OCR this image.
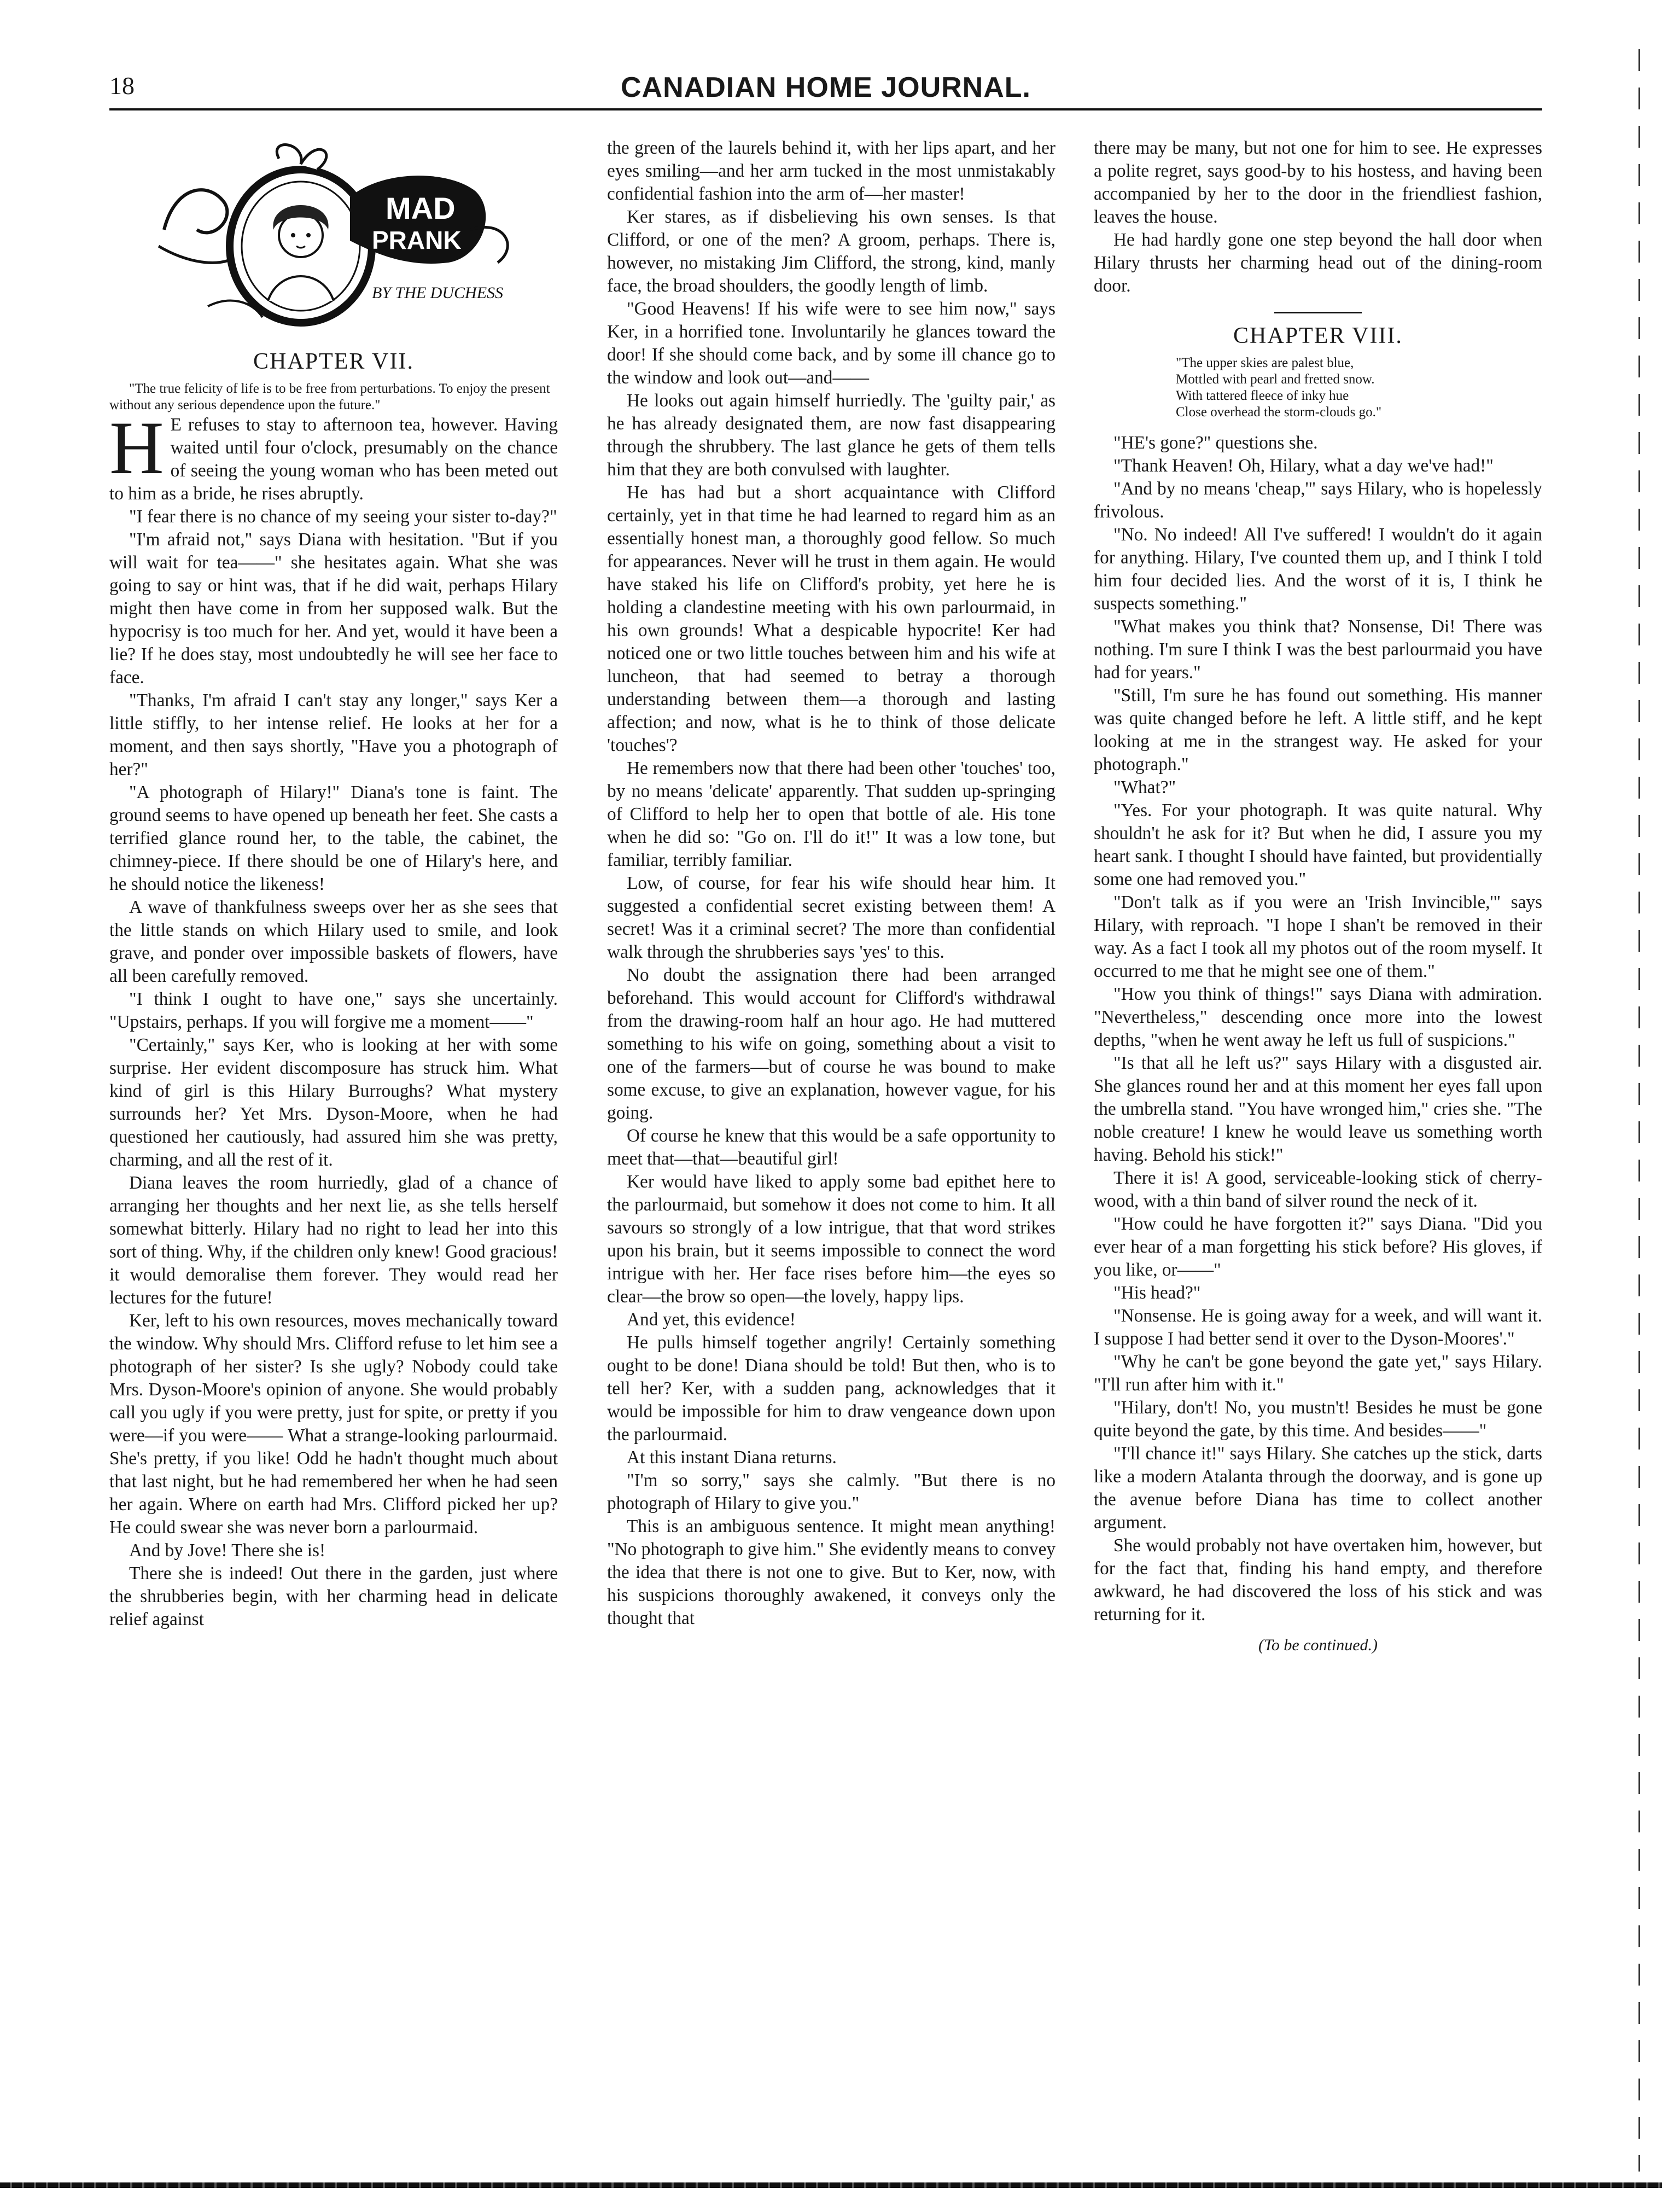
18	CANADIAN HOME JOURNAL.
MAD
PRANK
BY THE DUCHESS
CHAPTER VII.

"The true felicity of life is to be free from perturbations. To enjoy the present without any serious dependence upon the future."

H E refuses to stay to afternoon tea, however. Having waited until four o'clock, presumably on the chance of seeing the young woman who has been meted out to him as a bride, he rises abruptly.

"I fear there is no chance of my seeing your sister to-day?"

"I'm afraid not," says Diana with hesitation. "But if you will wait for tea——" she hesitates again. What she was going to say or hint was, that if he did wait, perhaps Hilary might then have come in from her supposed walk. But the hypocrisy is too much for her. And yet, would it have been a lie? If he does stay, most undoubtedly he will see her face to face.

"Thanks, I'm afraid I can't stay any longer," says Ker a little stiffly, to her intense relief. He looks at her for a moment, and then says shortly, "Have you a photograph of her?"

"A photograph of Hilary!" Diana's tone is faint. The ground seems to have opened up beneath her feet. She casts a terrified glance round her, to the table, the cabinet, the chimney-piece. If there should be one of Hilary's here, and he should notice the likeness!

A wave of thankfulness sweeps over her as she sees that the little stands on which Hilary used to smile, and look grave, and ponder over impossible baskets of flowers, have all been carefully removed.

"I think I ought to have one," says she uncertainly. "Upstairs, perhaps. If you will forgive me a moment——"

"Certainly," says Ker, who is looking at her with some surprise. Her evident discomposure has struck him. What kind of girl is this Hilary Burroughs? What mystery surrounds her? Yet Mrs. Dyson-Moore, when he had questioned her cautiously, had assured him she was pretty, charming, and all the rest of it.

Diana leaves the room hurriedly, glad of a chance of arranging her thoughts and her next lie, as she tells herself somewhat bitterly. Hilary had no right to lead her into this sort of thing. Why, if the children only knew! Good gracious! it would demoralise them forever. They would read her lectures for the future!

Ker, left to his own resources, moves mechanically toward the window. Why should Mrs. Clifford refuse to let him see a photograph of her sister? Is she ugly? Nobody could take Mrs. Dyson-Moore's opinion of anyone. She would probably call you ugly if you were pretty, just for spite, or pretty if you were—if you were—— What a strange-looking parlourmaid. She's pretty, if you like! Odd he hadn't thought much about that last night, but he had remembered her when he had seen her again. Where on earth had Mrs. Clifford picked her up? He could swear she was never born a parlourmaid.

And by Jove! There she is!

There she is indeed! Out there in the garden, just where the shrubberies begin, with her charming head in delicate relief against

the green of the laurels behind it, with her lips apart, and her eyes smiling—and her arm tucked in the most unmistakably confidential fashion into the arm of—her master!

Ker stares, as if disbelieving his own senses. Is that Clifford, or one of the men? A groom, perhaps. There is, however, no mistaking Jim Clifford, the strong, kind, manly face, the broad shoulders, the goodly length of limb.

"Good Heavens! If his wife were to see him now," says Ker, in a horrified tone. Involuntarily he glances toward the door! If she should come back, and by some ill chance go to the window and look out—and——

He looks out again himself hurriedly. The 'guilty pair,' as he has already designated them, are now fast disappearing through the shrubbery. The last glance he gets of them tells him that they are both convulsed with laughter.

He has had but a short acquaintance with Clifford certainly, yet in that time he had learned to regard him as an essentially honest man, a thoroughly good fellow. So much for appearances. Never will he trust in them again. He would have staked his life on Clifford's probity, yet here he is holding a clandestine meeting with his own parlourmaid, in his own grounds! What a despicable hypocrite! Ker had noticed one or two little touches between him and his wife at luncheon, that had seemed to betray a thorough understanding between them—a thorough and lasting affection; and now, what is he to think of those delicate 'touches'?

He remembers now that there had been other 'touches' too, by no means 'delicate' apparently. That sudden up-springing of Clifford to help her to open that bottle of ale. His tone when he did so: "Go on. I'll do it!" It was a low tone, but familiar, terribly familiar.

Low, of course, for fear his wife should hear him. It suggested a confidential secret existing between them! A secret! Was it a criminal secret? The more than confidential walk through the shrubberies says 'yes' to this.

No doubt the assignation there had been arranged beforehand. This would account for Clifford's withdrawal from the drawing-room half an hour ago. He had muttered something to his wife on going, something about a visit to one of the farmers—but of course he was bound to make some excuse, to give an explanation, however vague, for his going.

Of course he knew that this would be a safe opportunity to meet that—that—beautiful girl!

Ker would have liked to apply some bad epithet here to the parlourmaid, but somehow it does not come to him. It all savours so strongly of a low intrigue, that that word strikes upon his brain, but it seems impossible to connect the word intrigue with her. Her face rises before him—the eyes so clear—the brow so open—the lovely, happy lips.

And yet, this evidence!

He pulls himself together angrily! Certainly something ought to be done! Diana should be told! But then, who is to tell her? Ker, with a sudden pang, acknowledges that it would be impossible for him to draw vengeance down upon the parlourmaid.

At this instant Diana returns.

"I'm so sorry," says she calmly. "But there is no photograph of Hilary to give you."

This is an ambiguous sentence. It might mean anything! "No photograph to give him." She evidently means to convey the idea that there is not one to give. But to Ker, now, with his suspicions thoroughly awakened, it conveys only the thought that

there may be many, but not one for him to see. He expresses a polite regret, says good-by to his hostess, and having been accompanied by her to the door in the friendliest fashion, leaves the house.

He had hardly gone one step beyond the hall door when Hilary thrusts her charming head out of the dining-room door.

CHAPTER VIII.
"The upper skies are palest blue,
Mottled with pearl and fretted snow.
With tattered fleece of inky hue
Close overhead the storm-clouds go."

"HE's gone?" questions she.

"Thank Heaven! Oh, Hilary, what a day we've had!"

"And by no means 'cheap,'" says Hilary, who is hopelessly frivolous.

"No. No indeed! All I've suffered! I wouldn't do it again for anything. Hilary, I've counted them up, and I think I told him four decided lies. And the worst of it is, I think he suspects something."

"What makes you think that? Nonsense, Di! There was nothing. I'm sure I think I was the best parlourmaid you have had for years."

"Still, I'm sure he has found out something. His manner was quite changed before he left. A little stiff, and he kept looking at me in the strangest way. He asked for your photograph."

"What?"

"Yes. For your photograph. It was quite natural. Why shouldn't he ask for it? But when he did, I assure you my heart sank. I thought I should have fainted, but providentially some one had removed you."

"Don't talk as if you were an 'Irish Invincible,'" says Hilary, with reproach. "I hope I shan't be removed in their way. As a fact I took all my photos out of the room myself. It occurred to me that he might see one of them."

"How you think of things!" says Diana with admiration. "Nevertheless," descending once more into the lowest depths, "when he went away he left us full of suspicions."

"Is that all he left us?" says Hilary with a disgusted air. She glances round her and at this moment her eyes fall upon the umbrella stand. "You have wronged him," cries she. "The noble creature! I knew he would leave us something worth having. Behold his stick!"

There it is! A good, serviceable-looking stick of cherry-wood, with a thin band of silver round the neck of it.

"How could he have forgotten it?" says Diana. "Did you ever hear of a man forgetting his stick before? His gloves, if you like, or——"

"His head?"

"Nonsense. He is going away for a week, and will want it. I suppose I had better send it over to the Dyson-Moores'."

"Why he can't be gone beyond the gate yet," says Hilary. "I'll run after him with it."

"Hilary, don't! No, you mustn't! Besides he must be gone quite beyond the gate, by this time. And besides——"

"I'll chance it!" says Hilary. She catches up the stick, darts like a modern Atalanta through the doorway, and is gone up the avenue before Diana has time to collect another argument.

She would probably not have overtaken him, however, but for the fact that, finding his hand empty, and therefore awkward, he had discovered the loss of his stick and was returning for it.

(To be continued.)
